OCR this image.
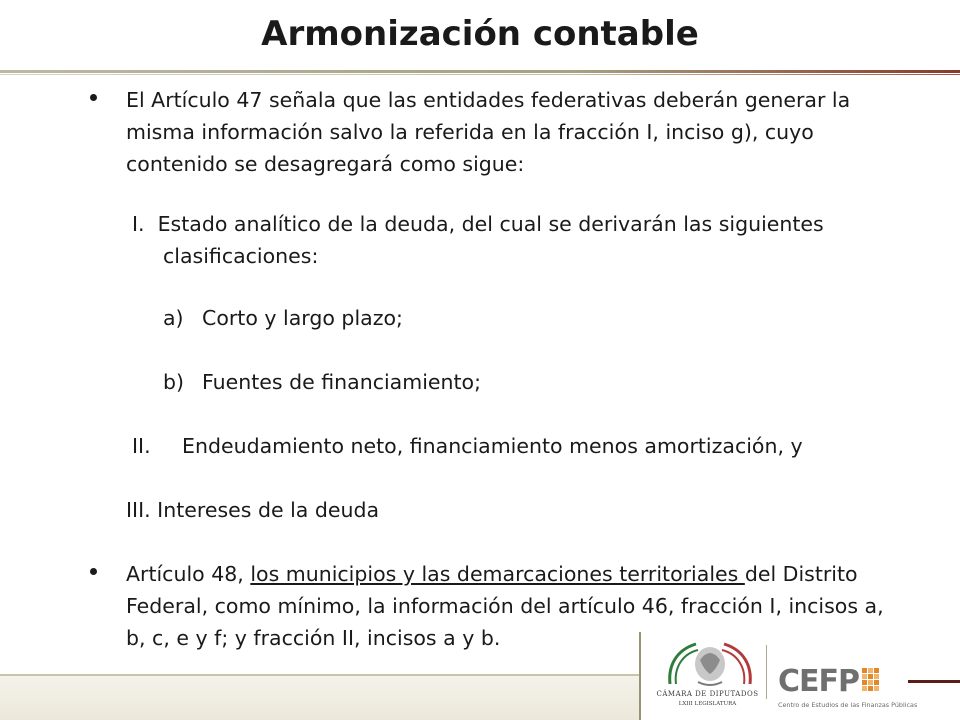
Armonización contable

El Artículo 47 señala que las entidades federativas deberán generar la

misma información salvo la referida en la fracción I, inciso g), cuyo

contenido se desagregará como sigue:

I.  Estado analítico de la deuda, del cual se derivarán las siguientes

clasificaciones:

a) Corto y largo plazo;

b) Fuentes de financiamiento;

II. Endeudamiento neto, financiamiento menos amortización, y

III. Intereses de la deuda

Artículo 48, los municipios y las demarcaciones territoriales del Distrito

Federal, como mínimo, la información del artículo 46, fracción I, incisos a,

b, c, e y f; y fracción II, incisos a y b.

CÁMARA DE DIPUTADOS
LXIII LEGISLATURA
CEFP
Centro de Estudios de las Finanzas Públicas
